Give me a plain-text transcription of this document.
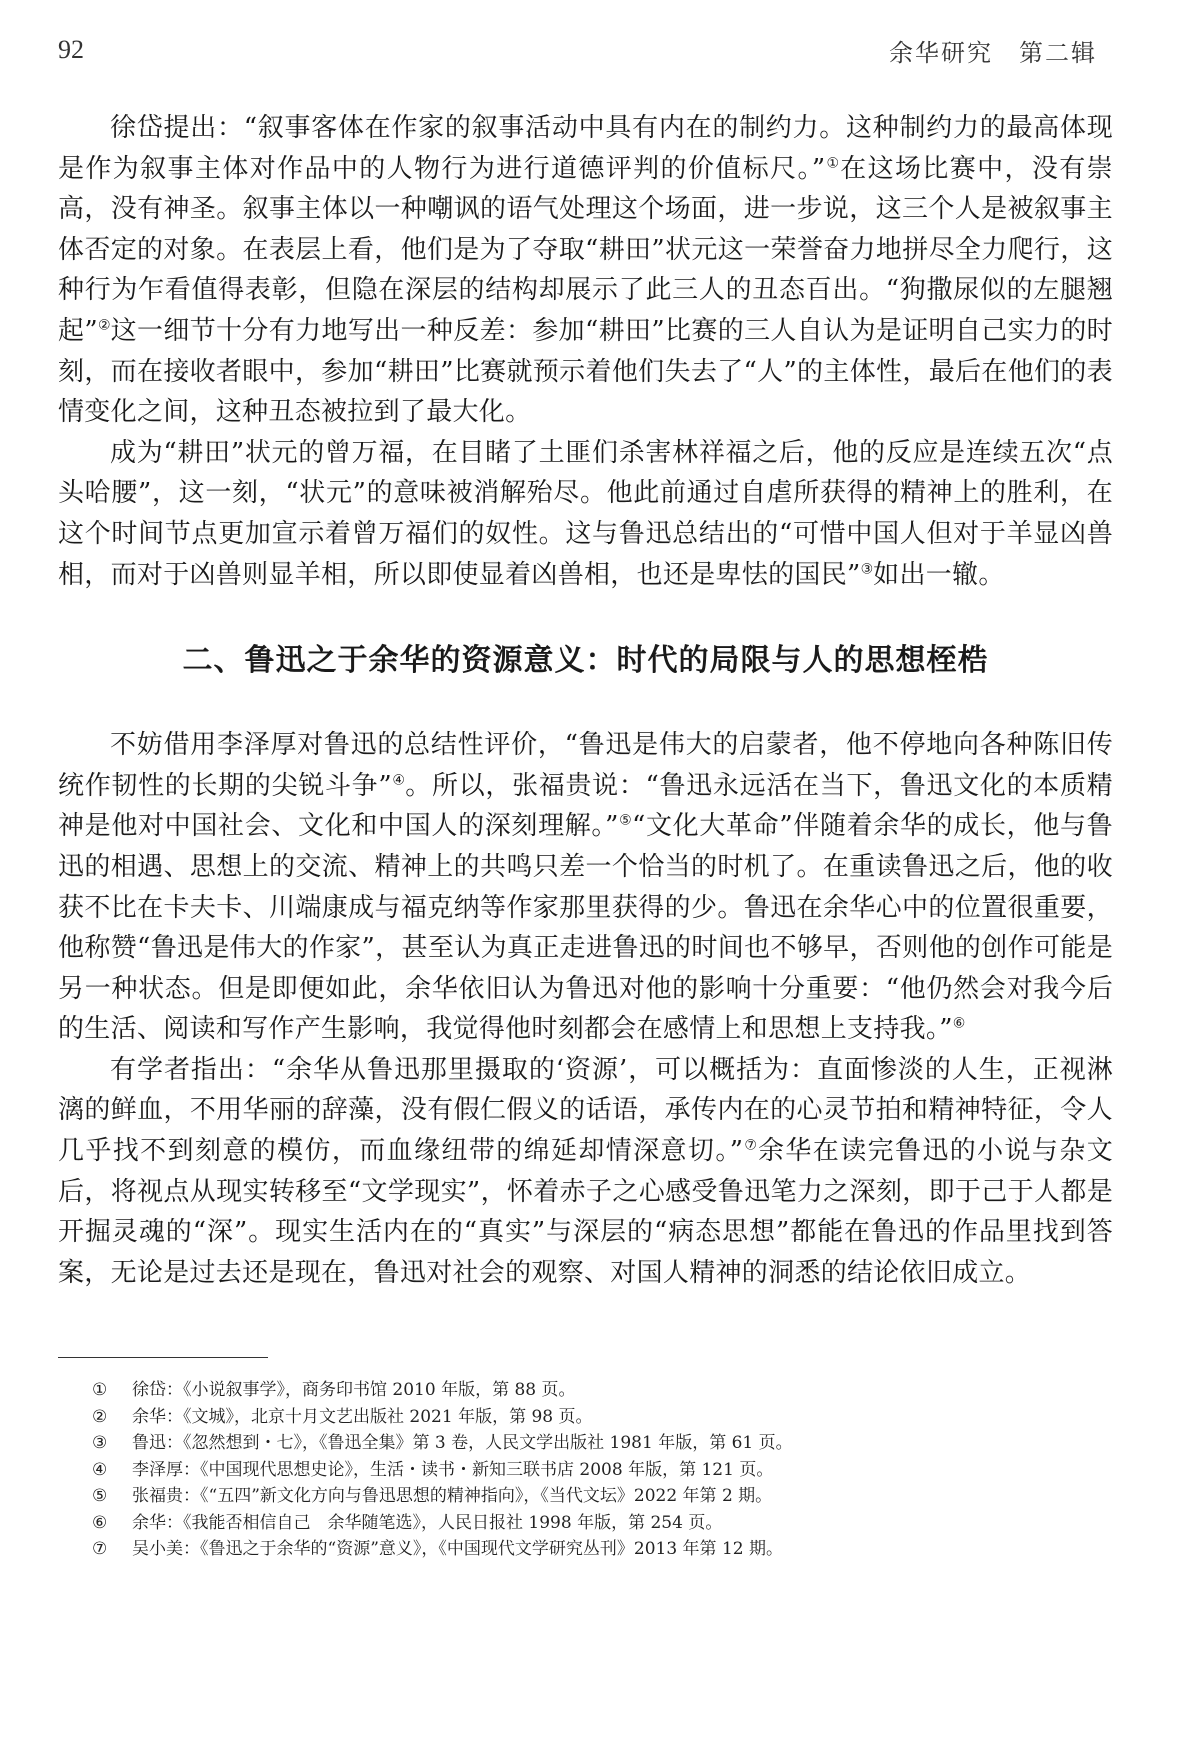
92	余华研究　第二辑

徐岱提出：“叙事客体在作家的叙事活动中具有内在的制约力。这种制约力的最高体现是作为叙事主体对作品中的人物行为进行道德评判的价值标尺。”①在这场比赛中，没有崇高，没有神圣。叙事主体以一种嘲讽的语气处理这个场面，进一步说，这三个人是被叙事主体否定的对象。在表层上看，他们是为了夺取“耕田”状元这一荣誉奋力地拼尽全力爬行，这种行为乍看值得表彰，但隐在深层的结构却展示了此三人的丑态百出。“狗撒尿似的左腿翘起”②这一细节十分有力地写出一种反差：参加“耕田”比赛的三人自认为是证明自己实力的时刻，而在接收者眼中，参加“耕田”比赛就预示着他们失去了“人”的主体性，最后在他们的表情变化之间，这种丑态被拉到了最大化。

成为“耕田”状元的曾万福，在目睹了土匪们杀害林祥福之后，他的反应是连续五次“点头哈腰”，这一刻，“状元”的意味被消解殆尽。他此前通过自虐所获得的精神上的胜利，在这个时间节点更加宣示着曾万福们的奴性。这与鲁迅总结出的“可惜中国人但对于羊显凶兽相，而对于凶兽则显羊相，所以即使显着凶兽相，也还是卑怯的国民”③如出一辙。

二、鲁迅之于余华的资源意义：时代的局限与人的思想桎梏

不妨借用李泽厚对鲁迅的总结性评价，“鲁迅是伟大的启蒙者，他不停地向各种陈旧传统作韧性的长期的尖锐斗争”④。所以，张福贵说：“鲁迅永远活在当下，鲁迅文化的本质精神是他对中国社会、文化和中国人的深刻理解。”⑤“文化大革命”伴随着余华的成长，他与鲁迅的相遇、思想上的交流、精神上的共鸣只差一个恰当的时机了。在重读鲁迅之后，他的收获不比在卡夫卡、川端康成与福克纳等作家那里获得的少。鲁迅在余华心中的位置很重要，他称赞“鲁迅是伟大的作家”，甚至认为真正走进鲁迅的时间也不够早，否则他的创作可能是另一种状态。但是即便如此，余华依旧认为鲁迅对他的影响十分重要：“他仍然会对我今后的生活、阅读和写作产生影响，我觉得他时刻都会在感情上和思想上支持我。”⑥

有学者指出：“余华从鲁迅那里摄取的‘资源’，可以概括为：直面惨淡的人生，正视淋漓的鲜血，不用华丽的辞藻，没有假仁假义的话语，承传内在的心灵节拍和精神特征，令人几乎找不到刻意的模仿，而血缘纽带的绵延却情深意切。”⑦余华在读完鲁迅的小说与杂文后，将视点从现实转移至“文学现实”，怀着赤子之心感受鲁迅笔力之深刻，即于己于人都是开掘灵魂的“深”。现实生活内在的“真实”与深层的“病态思想”都能在鲁迅的作品里找到答案，无论是过去还是现在，鲁迅对社会的观察、对国人精神的洞悉的结论依旧成立。

①	徐岱：《小说叙事学》，商务印书馆 2010 年版，第 88 页。
②	余华：《文城》，北京十月文艺出版社 2021 年版，第 98 页。
③	鲁迅：《忽然想到・七》，《鲁迅全集》第 3 卷，人民文学出版社 1981 年版，第 61 页。
④	李泽厚：《中国现代思想史论》，生活・读书・新知三联书店 2008 年版，第 121 页。
⑤	张福贵：《“五四”新文化方向与鲁迅思想的精神指向》，《当代文坛》2022 年第 2 期。
⑥	余华：《我能否相信自己　余华随笔选》，人民日报社 1998 年版，第 254 页。
⑦	吴小美：《鲁迅之于余华的“资源”意义》，《中国现代文学研究丛刊》2013 年第 12 期。
